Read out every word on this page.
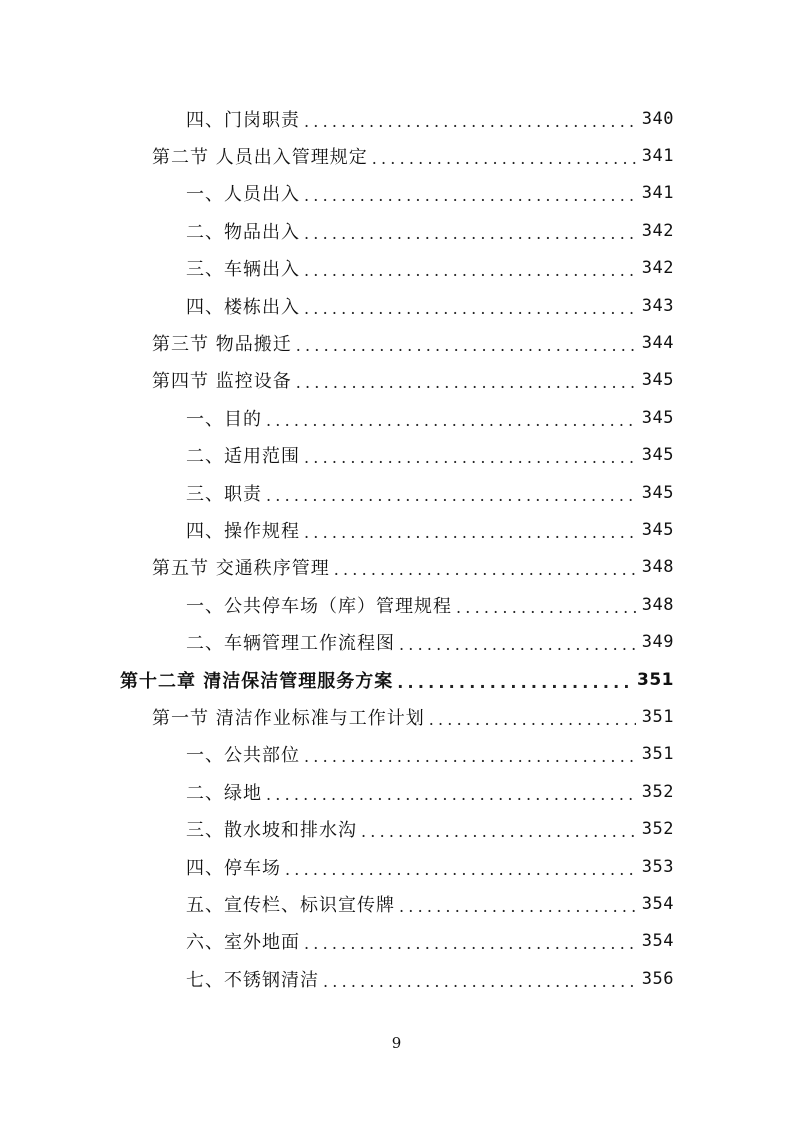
四、门岗职责 .....	340
第二节 人员出入管理规定 .....	341
一、人员出入 .....	341
二、物品出入 .....	342
三、车辆出入 .....	342
四、楼栋出入 .....	343
第三节 物品搬迁 .....	344
第四节 监控设备 .....	345
一、目的 .....	345
二、适用范围 .....	345
三、职责 .....	345
四、操作规程 .....	345
第五节 交通秩序管理 .....	348
一、公共停车场（库）管理规程 .....	348
二、车辆管理工作流程图 .....	349
第十二章 清洁保洁管理服务方案 .....	351
第一节 清洁作业标准与工作计划 .....	351
一、公共部位 .....	351
二、绿地 .....	352
三、散水坡和排水沟 .....	352
四、停车场 .....	353
五、宣传栏、标识宣传牌 .....	354
六、室外地面 .....	354
七、不锈钢清洁 .....	356
9
